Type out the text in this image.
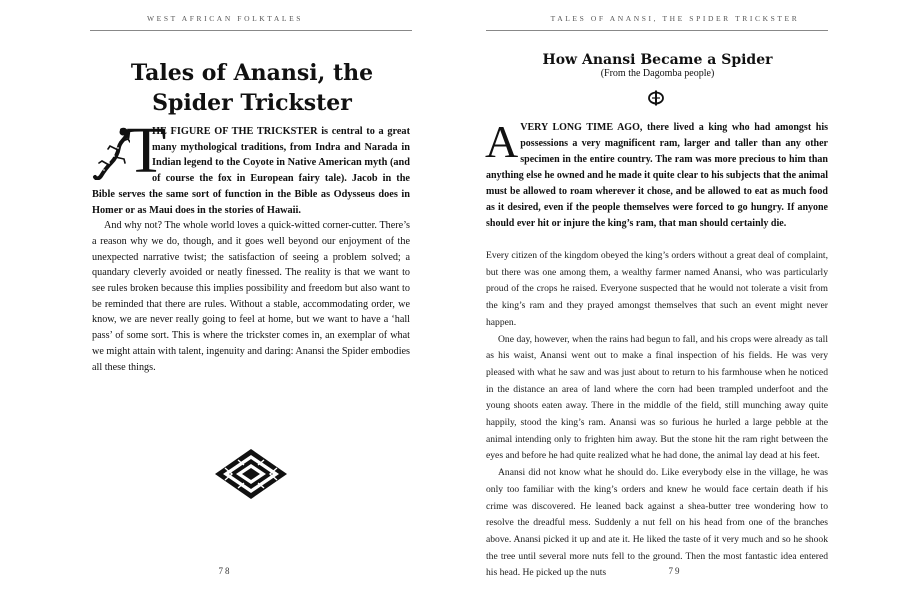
WEST AFRICAN FOLKTALES
Tales of Anansi, the Spider Trickster
T

HE FIGURE OF THE TRICKSTER is central to a great many mythological traditions, from Indra and Narada in Indian legend to the Coyote in Native American myth (and of course the fox in European fairy tale). Jacob in the Bible serves the same sort of function in the Bible as Odysseus does in Homer or as Maui does in the stories of Hawaii.

And why not? The whole world loves a quick-witted corner-cutter. There’s a reason why we do, though, and it goes well beyond our enjoyment of the unexpected narrative twist; the satisfaction of seeing a problem solved; a quandary cleverly avoided or neatly finessed. The reality is that we want to see rules broken because this implies possibility and freedom but also want to be reminded that there are rules. Without a stable, accommodating order, we know, we are never really going to feel at home, but we want to have a ‘hall pass’ of some sort. This is where the trickster comes in, an exemplar of what we might attain with talent, ingenuity and daring: Anansi the Spider embodies all these things.

78
TALES OF ANANSI, THE SPIDER TRICKSTER
How Anansi Became a Spider
(From the Dagomba people)
A VERY LONG TIME AGO, there lived a king who had amongst his possessions a very magnificent ram, larger and taller than any other specimen in the entire country. The ram was more precious to him than anything else he owned and he made it quite clear to his subjects that the animal must be allowed to roam wherever it chose, and be allowed to eat as much food as it desired, even if the people themselves were forced to go hungry. If anyone should ever hit or injure the king’s ram, that man should certainly die.

Every citizen of the kingdom obeyed the king’s orders without a great deal of complaint, but there was one among them, a wealthy farmer named Anansi, who was particularly proud of the crops he raised. Everyone suspected that he would not tolerate a visit from the king’s ram and they prayed amongst themselves that such an event might never happen.

One day, however, when the rains had begun to fall, and his crops were already as tall as his waist, Anansi went out to make a final inspection of his fields. He was very pleased with what he saw and was just about to return to his farmhouse when he noticed in the distance an area of land where the corn had been trampled underfoot and the young shoots eaten away. There in the middle of the field, still munching away quite happily, stood the king’s ram. Anansi was so furious he hurled a large pebble at the animal intending only to frighten him away. But the stone hit the ram right between the eyes and before he had quite realized what he had done, the animal lay dead at his feet.

Anansi did not know what he should do. Like everybody else in the village, he was only too familiar with the king’s orders and knew he would face certain death if his crime was discovered. He leaned back against a shea-butter tree wondering how to resolve the dreadful mess. Suddenly a nut fell on his head from one of the branches above. Anansi picked it up and ate it. He liked the taste of it very much and so he shook the tree until several more nuts fell to the ground. Then the most fantastic idea entered his head. He picked up the nuts	79
